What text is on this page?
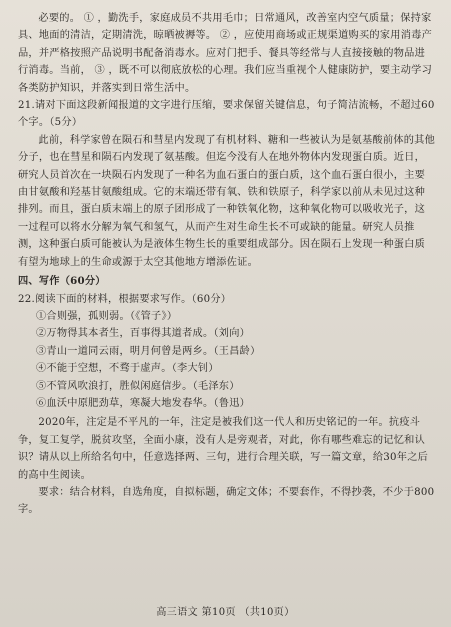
必要的。 ① ，勤洗手，家庭成员不共用毛巾；日常通风，改善室内空气质量；保持家具、地面的清洁，定期清洗，晾晒被褥等。 ② ，应使用商场或正规渠道购买的家用消毒产品，并严格按照产品说明书配备消毒水。应对门把手、餐具等经常与人直接接触的物品进行消毒。当前， ③ ，既不可以彻底放松的心理。我们应当重视个人健康防护，要主动学习各类防护知识，并落实到日常生活中。

21.请对下面这段新闻报道的文字进行压缩，要求保留关键信息，句子简洁流畅，不超过60个字。（5分）

此前，科学家曾在陨石和彗星内发现了有机材料、糖和一些被认为是氨基酸前体的其他分子，也在彗星和陨石内发现了氨基酸。但迄今没有人在地外物体内发现蛋白质。近日，研究人员首次在一块陨石内发现了一种名为血石蛋白的蛋白质，这个血石蛋白很小，主要由甘氨酸和羟基甘氨酸组成。它的末端还带有氧、铁和铁原子，科学家以前从未见过这种排列。而且，蛋白质末端上的原子团形成了一种铁氧化物，这种氧化物可以吸收光子，这一过程可以将水分解为氧气和氢气，从而产生对生命生长不可或缺的能量。研究人员推测，这种蛋白质可能被认为是液体生物生长的重要组成部分。因在陨石上发现一种蛋白质有望为地球上的生命或源于太空其他地方增添佐证。

四、写作（60分）

22.阅读下面的材料，根据要求写作。（60分）

①合则强，孤则弱。（《管子》）

②万物得其本者生，百事得其道者成。（刘向）

③青山一道同云雨，明月何曾是两乡。（王昌龄）

④不能于空想，不骛于虚声。（李大钊）

⑤不管风吹浪打，胜似闲庭信步。（毛泽东）

⑥血沃中原肥劲草，寒凝大地发春华。（鲁迅）

2020年，注定是不平凡的一年，注定是被我们这一代人和历史铭记的一年。抗疫斗争，复工复学，脱贫攻坚，全面小康，没有人是旁观者，对此，你有哪些难忘的记忆和认识？请从以上所给名句中，任意选择两、三句，进行合理关联，写一篇文章，给30年之后的高中生阅读。

要求：结合材料，自选角度，自拟标题，确定文体；不要套作，不得抄袭，不少于800字。

高三语文 第10页 （共10页）
